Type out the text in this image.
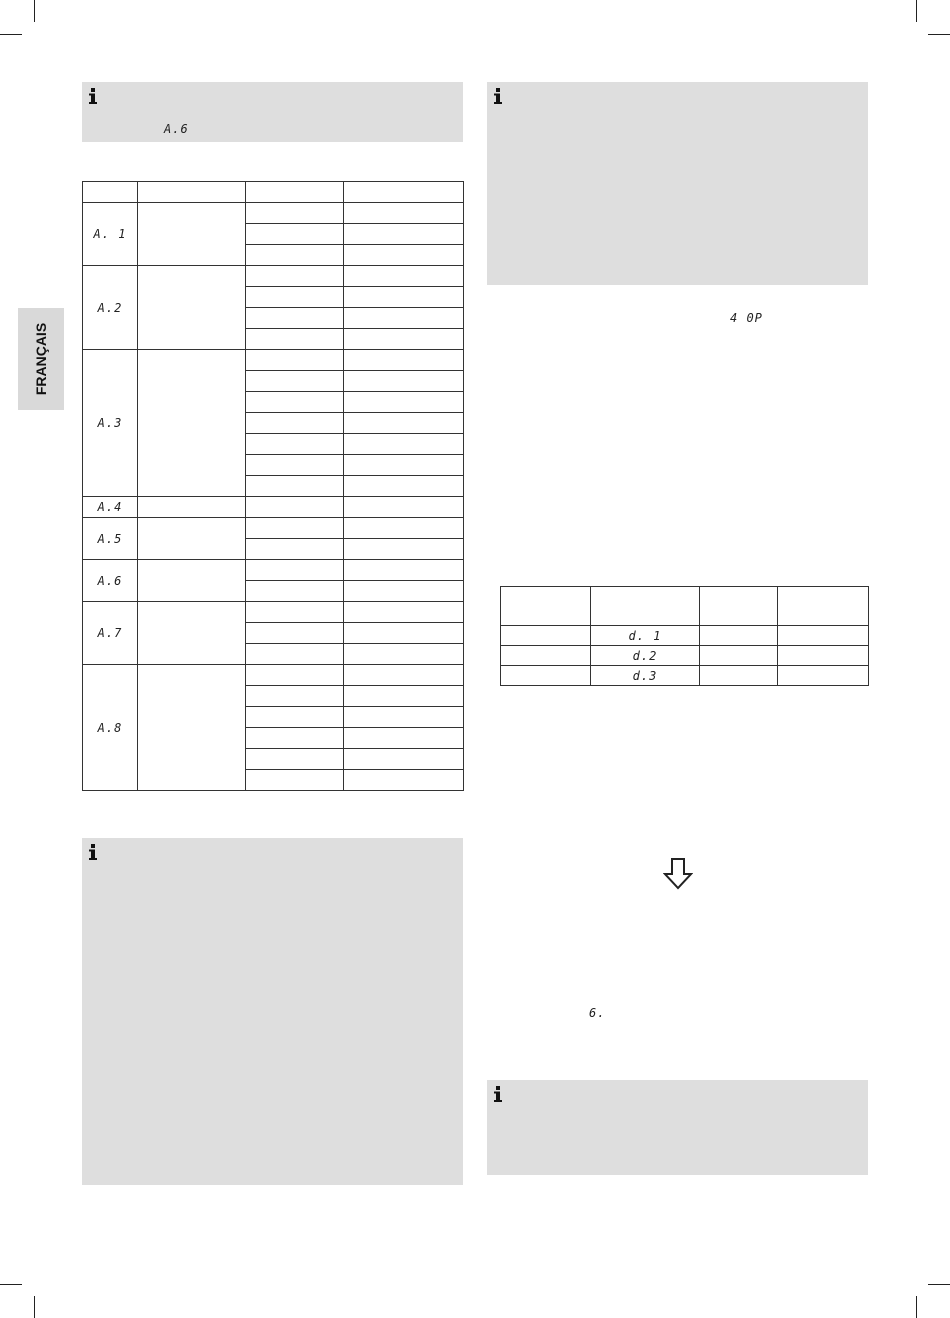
FRANÇAIS
A.6

A. 1			

A.2			

A.3			

A.4			
A.5			

A.6			

A.7			

A.8			

4 0P

	d. 1		
	d.2		
	d.3		
6.
